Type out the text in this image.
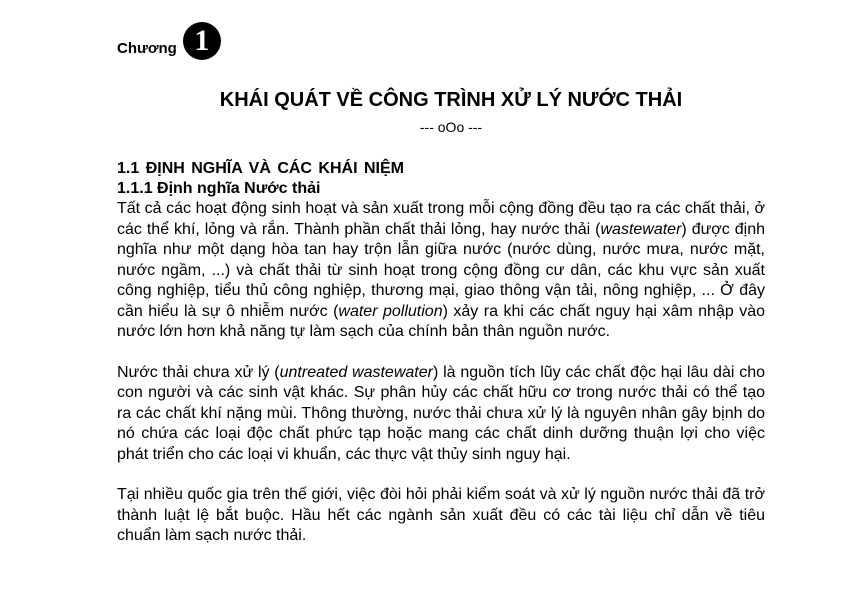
Chương 1
KHÁI QUÁT VỀ CÔNG TRÌNH XỬ LÝ NƯỚC THẢI
--- oOo ---

1.1 ĐỊNH NGHĨA VÀ CÁC KHÁI NIỆM

1.1.1 Định nghĩa Nước thải

Tất cả các hoạt động sinh hoạt và sản xuất trong mỗi cộng đồng đều tạo ra các chất thải, ở các thể khí, lỏng và rắn. Thành phần chất thải lỏng, hay nước thải (wastewater) được định nghĩa như một dạng hòa tan hay trộn lẫn giữa nước (nước dùng, nước mưa, nước mặt, nước ngầm, ...) và chất thải từ sinh hoạt trong cộng đồng cư dân, các khu vực sản xuất công nghiệp, tiểu thủ công nghiệp, thương mại, giao thông vận tải, nông nghiệp, ... Ở đây cần hiểu là sự ô nhiễm nước (water pollution) xảy ra khi các chất nguy hại xâm nhập vào nước lớn hơn khả năng tự làm sạch của chính bản thân nguồn nước.

Nước thải chưa xử lý (untreated wastewater) là nguồn tích lũy các chất độc hại lâu dài cho con người và các sinh vật khác. Sự phân hủy các chất hữu cơ trong nước thải có thể tạo ra các chất khí nặng mùi. Thông thường, nước thải chưa xử lý là nguyên nhân gây bịnh do nó chứa các loại độc chất phức tạp hoặc mang các chất dinh dưỡng thuận lợi cho việc phát triển cho các loại vi khuẩn, các thực vật thủy sinh nguy hại.

Tại nhiều quốc gia trên thế giới, việc đòi hỏi phải kiểm soát và xử lý nguồn nước thải đã trở thành luật lệ bắt buộc. Hầu hết các ngành sản xuất đều có các tài liệu chỉ dẫn về tiêu chuẩn làm sạch nước thải.
